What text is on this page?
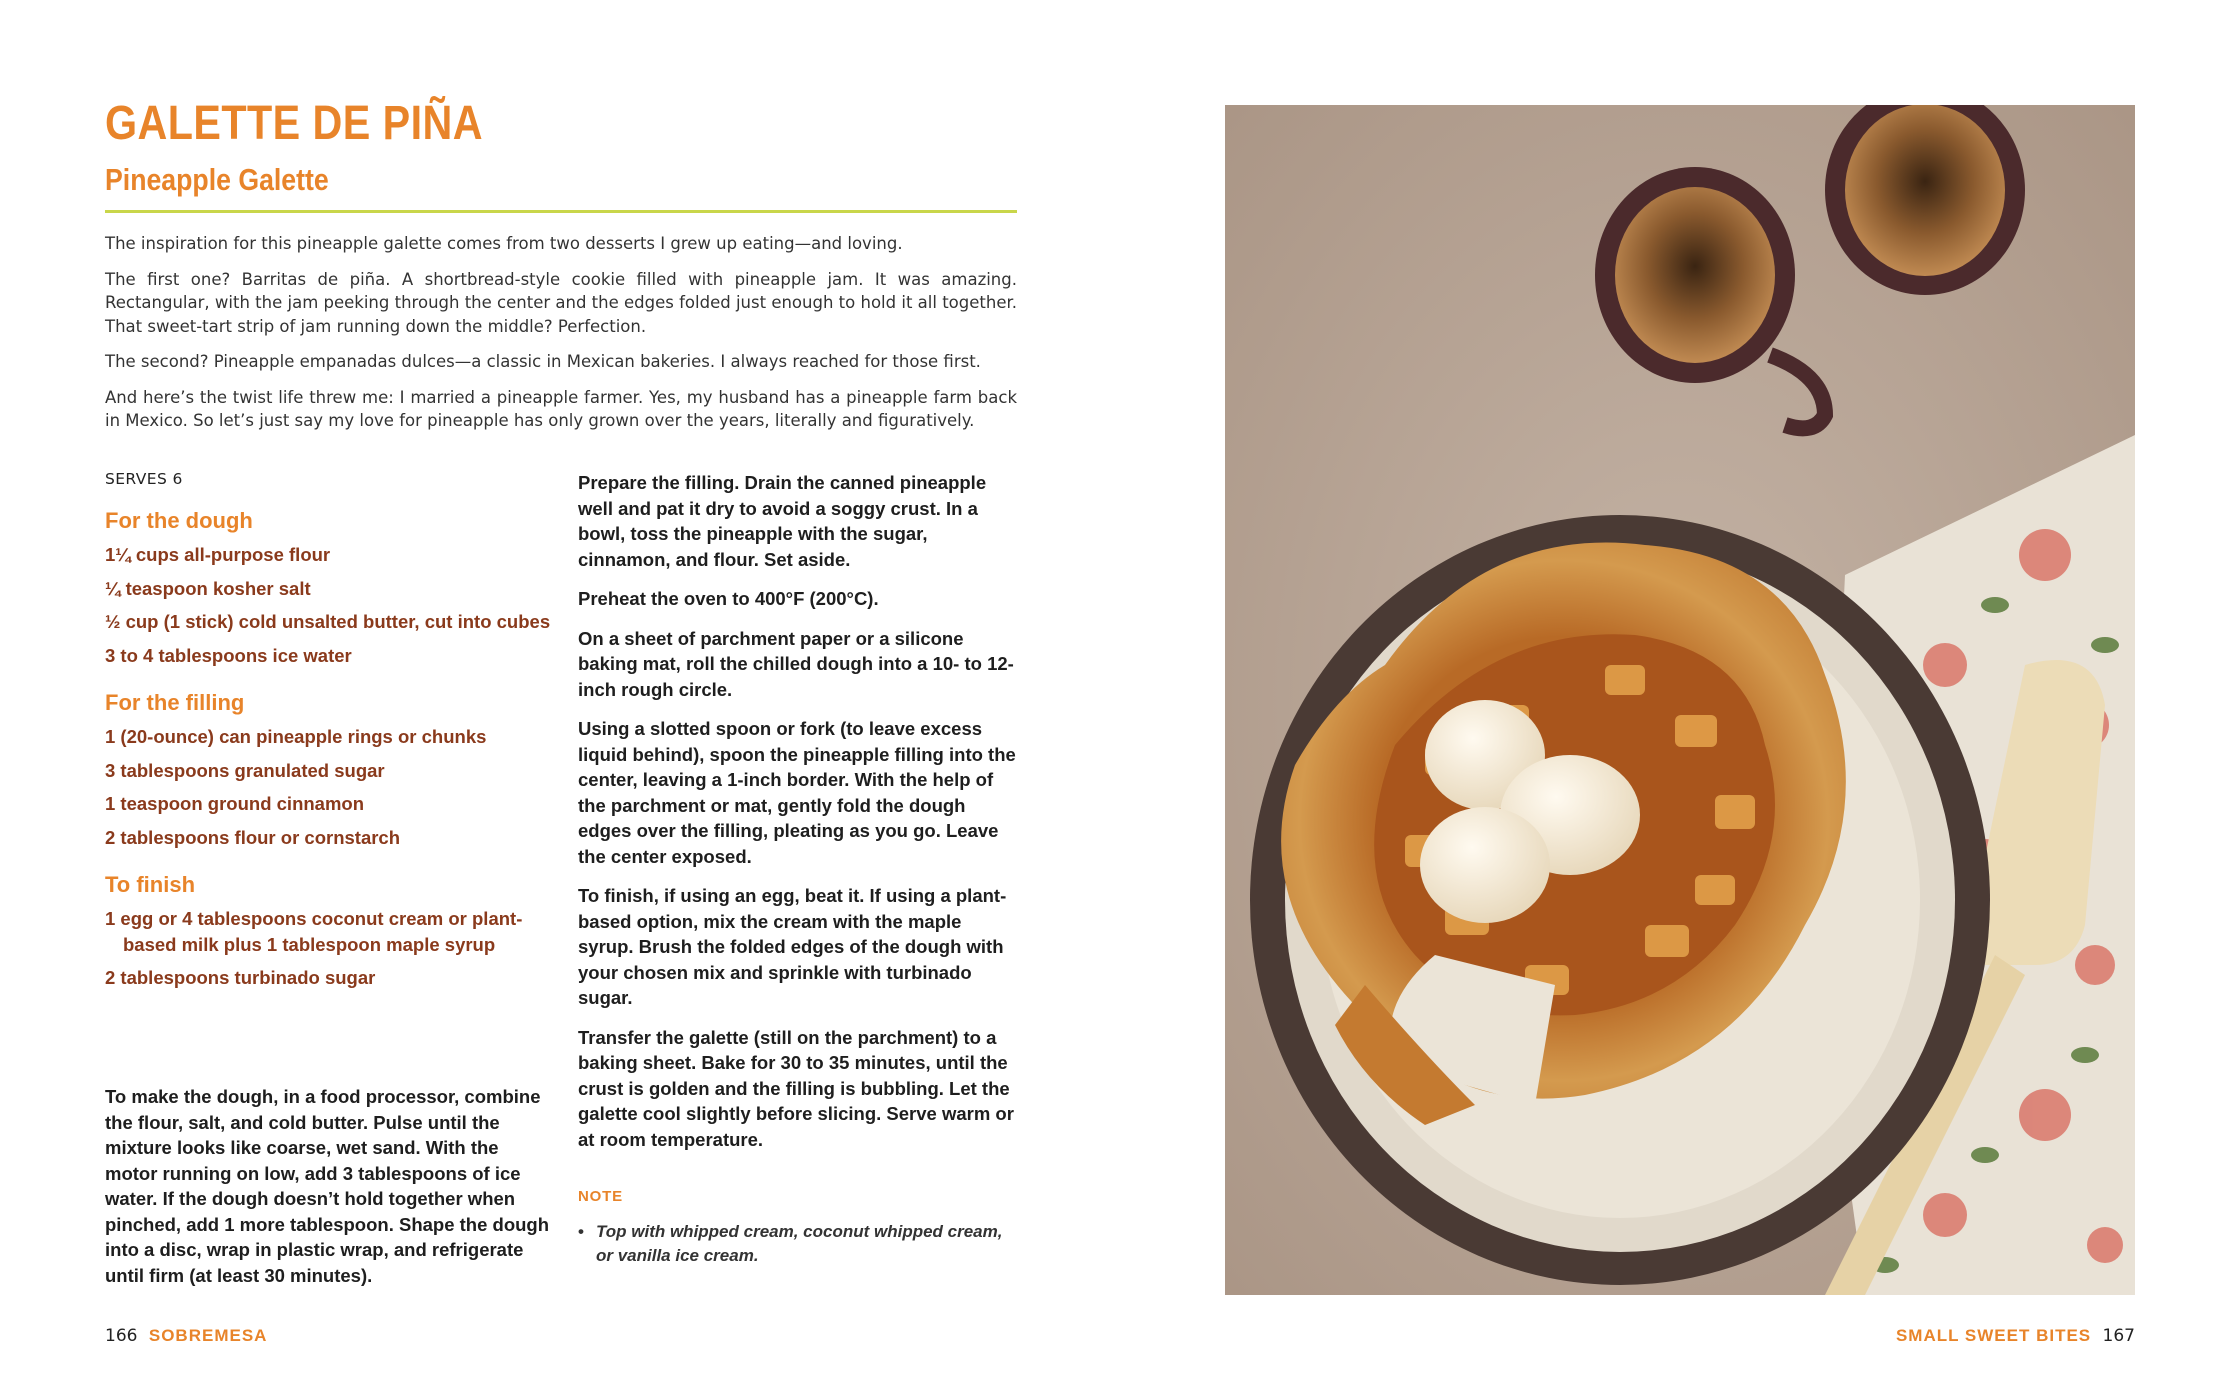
GALETTE DE PIÑA
Pineapple Galette

The inspiration for this pineapple galette comes from two desserts I grew up eating—and loving.

The first one? Barritas de piña. A shortbread-style cookie filled with pineapple jam. It was amazing. Rectangular, with the jam peeking through the center and the edges folded just enough to hold it all together. That sweet-tart strip of jam running down the middle? Perfection.

The second? Pineapple empanadas dulces—a classic in Mexican bakeries. I always reached for those first.

And here’s the twist life threw me: I married a pineapple farmer. Yes, my husband has a pineapple farm back in Mexico. So let’s just say my love for pineapple has only grown over the years, literally and figuratively.

SERVES 6
For the dough
1¼ cups all-purpose flour
¼ teaspoon kosher salt
½ cup (1 stick) cold unsalted butter, cut into cubes
3 to 4 tablespoons ice water
For the filling
1 (20-ounce) can pineapple rings or chunks
3 tablespoons granulated sugar
1 teaspoon ground cinnamon
2 tablespoons flour or cornstarch
To finish
1 egg or 4 tablespoons coconut cream or plant-based milk plus 1 tablespoon maple syrup
2 tablespoons turbinado sugar
To make the dough, in a food processor, combine the flour, salt, and cold butter. Pulse until the mixture looks like coarse, wet sand. With the motor running on low, add 3 tablespoons of ice water. If the dough doesn’t hold together when pinched, add 1 more tablespoon. Shape the dough into a disc, wrap in plastic wrap, and refrigerate until firm (at least 30 minutes).

Prepare the filling. Drain the canned pineapple well and pat it dry to avoid a soggy crust. In a bowl, toss the pineapple with the sugar, cinnamon, and flour. Set aside.

Preheat the oven to 400°F (200°C).

On a sheet of parchment paper or a silicone baking mat, roll the chilled dough into a 10- to 12-inch rough circle.

Using a slotted spoon or fork (to leave excess liquid behind), spoon the pineapple filling into the center, leaving a 1-inch border. With the help of the parchment or mat, gently fold the dough edges over the filling, pleating as you go. Leave the center exposed.

To finish, if using an egg, beat it. If using a plant-based option, mix the cream with the maple syrup. Brush the folded edges of the dough with your chosen mix and sprinkle with turbinado sugar.

Transfer the galette (still on the parchment) to a baking sheet. Bake for 30 to 35 minutes, until the crust is golden and the filling is bubbling. Let the galette cool slightly before slicing. Serve warm or at room temperature.

NOTE
• Top with whipped cream, coconut whipped cream, or vanilla ice cream.
166 SOBREMESA	SMALL SWEET BITES 167
